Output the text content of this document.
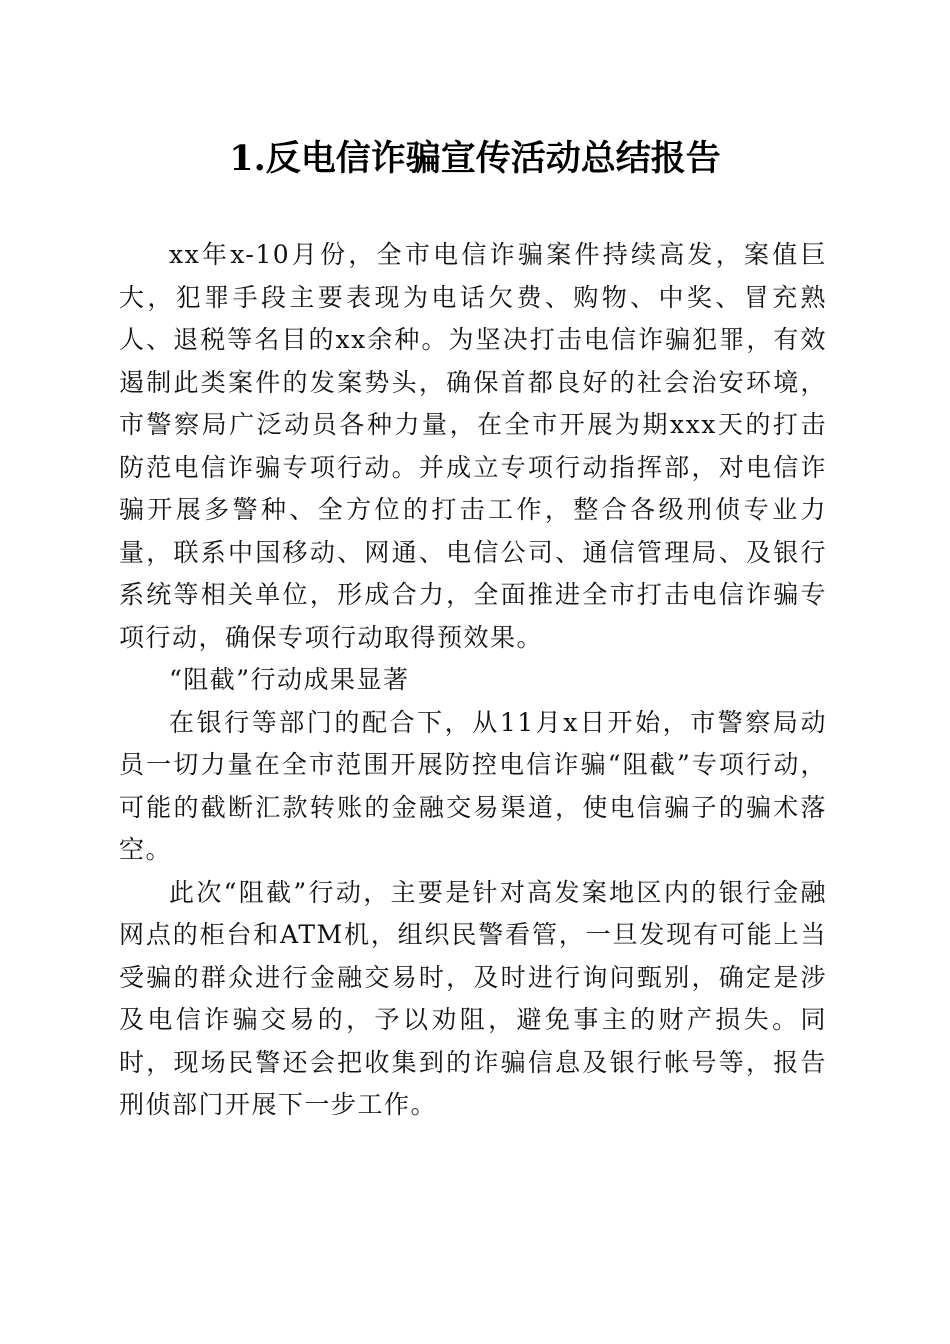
1.反电信诈骗宣传活动总结报告

xx年x-10月份，全市电信诈骗案件持续高发，案值巨大，犯罪手段主要表现为电话欠费、购物、中奖、冒充熟人、退税等名目的xx余种。为坚决打击电信诈骗犯罪，有效遏制此类案件的发案势头，确保首都良好的社会治安环境，市警察局广泛动员各种力量，在全市开展为期xxx天的打击防范电信诈骗专项行动。并成立专项行动指挥部，对电信诈骗开展多警种、全方位的打击工作，整合各级刑侦专业力量，联系中国移动、网通、电信公司、通信管理局、及银行系统等相关单位，形成合力，全面推进全市打击电信诈骗专项行动，确保专项行动取得预效果。

“阻截”行动成果显著

在银行等部门的配合下，从11月x日开始，市警察局动员一切力量在全市范围开展防控电信诈骗“阻截”专项行动，可能的截断汇款转账的金融交易渠道，使电信骗子的骗术落空。

此次“阻截”行动，主要是针对高发案地区内的银行金融网点的柜台和ATM机，组织民警看管，一旦发现有可能上当受骗的群众进行金融交易时，及时进行询问甄别，确定是涉及电信诈骗交易的，予以劝阻，避免事主的财产损失。同时，现场民警还会把收集到的诈骗信息及银行帐号等，报告刑侦部门开展下一步工作。
